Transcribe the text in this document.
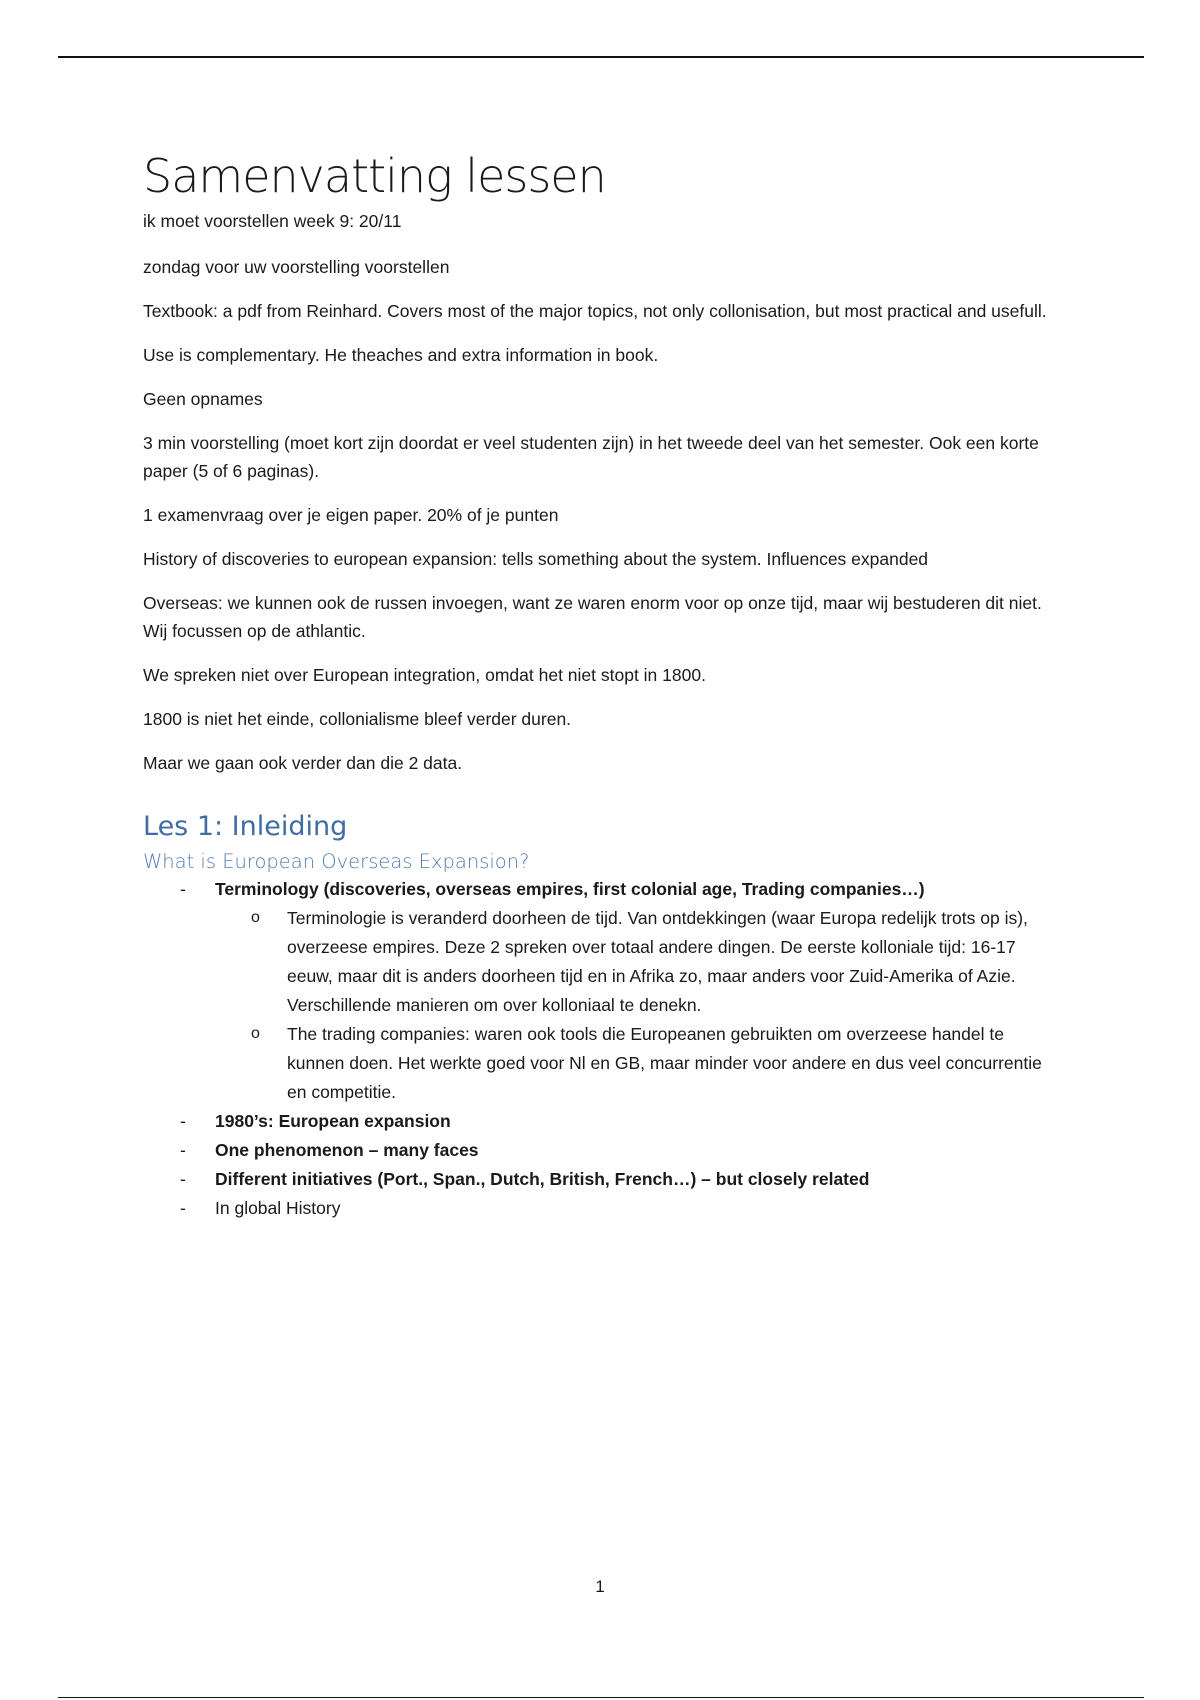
Samenvatting lessen
ik moet voorstellen week 9: 20/11

zondag voor uw voorstelling voorstellen

Textbook: a pdf from Reinhard. Covers most of the major topics, not only collonisation, but most practical and usefull.

Use is complementary. He theaches and extra information in book.

Geen opnames

3 min voorstelling (moet kort zijn doordat er veel studenten zijn) in het tweede deel van het semester. Ook een korte paper (5 of 6 paginas).

1 examenvraag over je eigen paper. 20% of je punten

History of discoveries to european expansion: tells something about the system. Influences expanded

Overseas: we kunnen ook de russen invoegen, want ze waren enorm voor op onze tijd, maar wij bestuderen dit niet. Wij focussen op de athlantic.

We spreken niet over European integration, omdat het niet stopt in 1800.

1800 is niet het einde, collonialisme bleef verder duren.

Maar we gaan ook verder dan die 2 data.

Les 1: Inleiding
What is European Overseas Expansion?
- Terminology (discoveries, overseas empires, first colonial age, Trading companies…)
o Terminologie is veranderd doorheen de tijd. Van ontdekkingen (waar Europa redelijk trots op is), overzeese empires. Deze 2 spreken over totaal andere dingen. De eerste kolloniale tijd: 16-17 eeuw, maar dit is anders doorheen tijd en in Afrika zo, maar anders voor Zuid-Amerika of Azie. Verschillende manieren om over kolloniaal te denekn.
o The trading companies: waren ook tools die Europeanen gebruikten om overzeese handel te kunnen doen. Het werkte goed voor Nl en GB, maar minder voor andere en dus veel concurrentie en competitie.
- 1980’s: European expansion
- One phenomenon – many faces
- Different initiatives (Port., Span., Dutch, British, French…) – but closely related
- In global History
1
